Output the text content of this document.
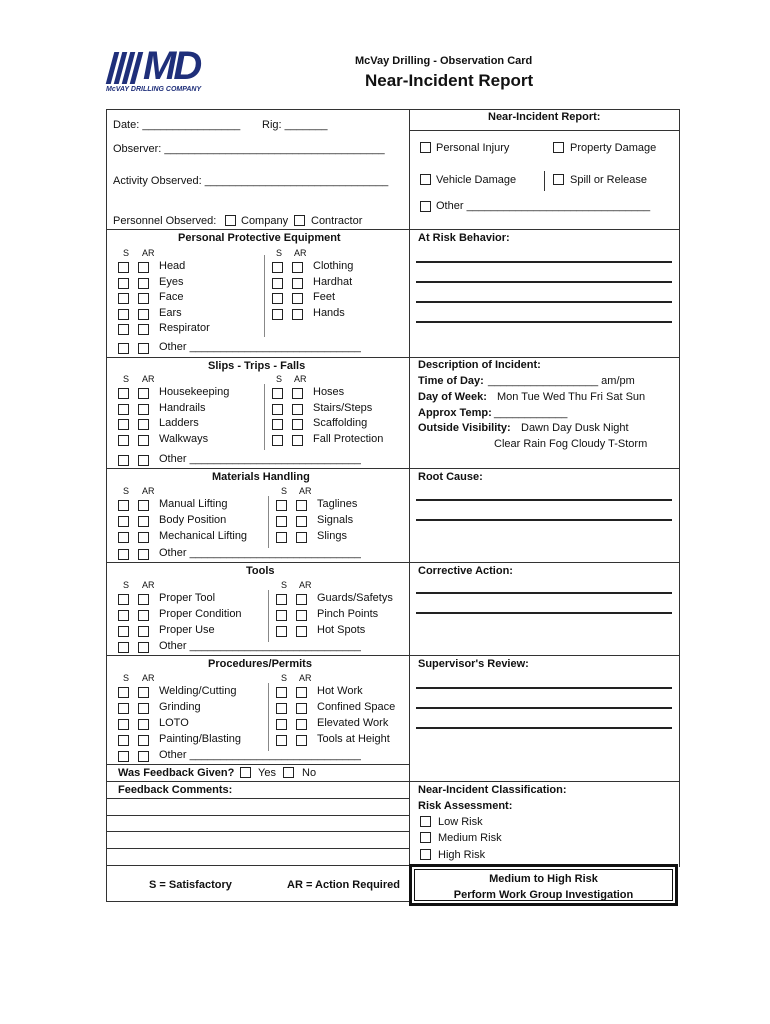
MD
McVAY DRILLING COMPANY
McVay Drilling - Observation Card
Near-Incident Report
Date: ________________ Rig: _______
Observer: ____________________________________
Activity Observed: ______________________________
Personnel Observed: Company Contractor
Near-Incident Report:
Personal Injury	Property Damage
Vehicle Damage	Spill or Release
Other ______________________________
Personal Protective Equipment
S AR	S AR
Head
Eyes
Face
Ears
Respirator
Clothing
Hardhat
Feet
Hands
Other ____________________________
Slips - Trips - Falls
S AR	S AR
Housekeeping
Handrails
Ladders
Walkways
Hoses
Stairs/Steps
Scaffolding
Fall Protection
Other ____________________________
Materials Handling
S AR	S AR
Manual Lifting
Body Position
Mechanical Lifting
Taglines
Signals
Slings
Other ____________________________
Tools
S AR	S AR
Proper Tool
Proper Condition
Proper Use
Guards/Safetys
Pinch Points
Hot Spots
Other ____________________________
Procedures/Permits
S AR	S AR
Welding/Cutting
Grinding
LOTO
Painting/Blasting
Hot Work
Confined Space
Elevated Work
Tools at Height
Other ____________________________
Was Feedback Given? Yes No
Feedback Comments:
S = Satisfactory	AR = Action Required
At Risk Behavior:
Description of Incident:
Time of Day: __________________ am/pm
Day of Week: Mon Tue Wed Thu Fri Sat Sun
Approx Temp: ____________
Outside Visibility: Dawn Day Dusk Night
Clear Rain Fog Cloudy T-Storm
Root Cause:
Corrective Action:
Supervisor's Review:
Near-Incident Classification:
Risk Assessment:
Low Risk
Medium Risk
High Risk
Medium to High Risk
Perform Work Group Investigation
